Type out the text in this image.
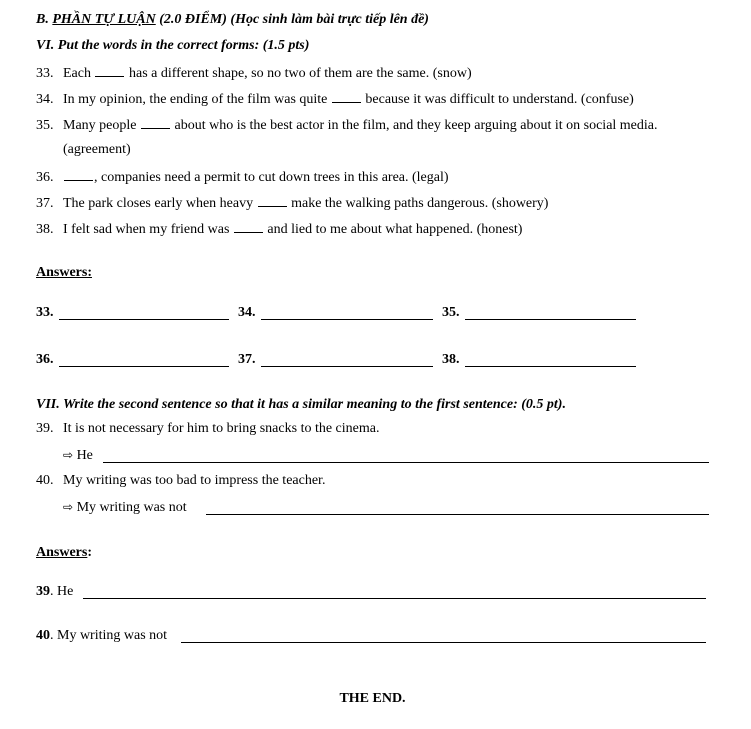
B. PHẦN TỰ LUẬN (2.0 ĐIỂM) (Học sinh làm bài trực tiếp lên đề)
VI. Put the words in the correct forms: (1.5 pts)
33. Each  has a different shape, so no two of them are the same. (snow)
34. In my opinion, the ending of the film was quite  because it was difficult to understand. (confuse)
35. Many people  about who is the best actor in the film, and they keep arguing about it on social media.
(agreement)
36.	, companies need a permit to cut down trees in this area. (legal)
37. The park closes early when heavy  make the walking paths dangerous. (showery)
38. I felt sad when my friend was  and lied to me about what happened. (honest)
Answers:
33.	34.	35.
36.	37.	38.
VII. Write the second sentence so that it has a similar meaning to the first sentence: (0.5 pt).
39. It is not necessary for him to bring snacks to the cinema.
⇨ He
40. My writing was too bad to impress the teacher.
⇨ My writing was not
Answers:
39. He
40. My writing was not
THE END.
